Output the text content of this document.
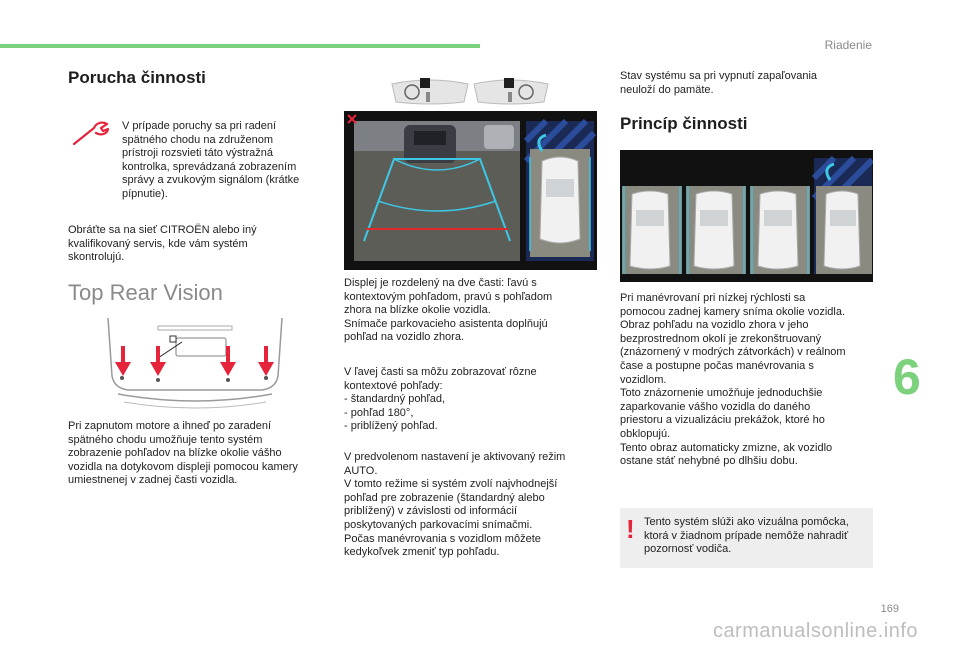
Riadenie
Porucha činnosti
V prípade poruchy sa pri radení
spätného chodu na združenom
prístroji rozsvieti táto výstražná
kontrolka, sprevádzaná zobrazením
správy a zvukovým signálom (krátke
pípnutie).
Obráťte sa na sieť CITROËN alebo iný
kvalifikovaný servis, kde vám systém
skontrolujú.
Top Rear Vision
Pri zapnutom motore a ihneď po zaradení
spätného chodu umožňuje tento systém
zobrazenie pohľadov na blízke okolie vášho
vozidla na dotykovom displeji pomocou kamery
umiestnenej v zadnej časti vozidla.
Displej je rozdelený na dve časti: ľavú s
kontextovým pohľadom, pravú s pohľadom
zhora na blízke okolie vozidla.
Snímače parkovacieho asistenta doplňujú
pohľad na vozidlo zhora.
V ľavej časti sa môžu zobrazovať rôzne
kontextové pohľady:
- štandardný pohľad,
- pohľad 180°,
- priblížený pohľad.
V predvolenom nastavení je aktivovaný režim
AUTO.
V tomto režime si systém zvolí najvhodnejší
pohľad pre zobrazenie (štandardný alebo
priblížený) v závislosti od informácií
poskytovaných parkovacími snímačmi.
Počas manévrovania s vozidlom môžete
kedykoľvek zmeniť typ pohľadu.
Stav systému sa pri vypnutí zapaľovania
neuloží do pamäte.
Princíp činnosti
Pri manévrovaní pri nízkej rýchlosti sa
pomocou zadnej kamery sníma okolie vozidla.
Obraz pohľadu na vozidlo zhora v jeho
bezprostrednom okolí je zrekonštruovaný
(znázornený v modrých zátvorkách) v reálnom
čase a postupne počas manévrovania s
vozidlom.
Toto znázornenie umožňuje jednoduchšie
zaparkovanie vášho vozidla do daného
priestoru a vizualizáciu prekážok, ktoré ho
obklopujú.
Tento obraz automaticky zmizne, ak vozidlo
ostane stáť nehybné po dlhšiu dobu.
! Tento systém slúži ako vizuálna pomôcka,
ktorá v žiadnom prípade nemôže nahradiť
pozornosť vodiča.
6
169
carmanualsonline.info
